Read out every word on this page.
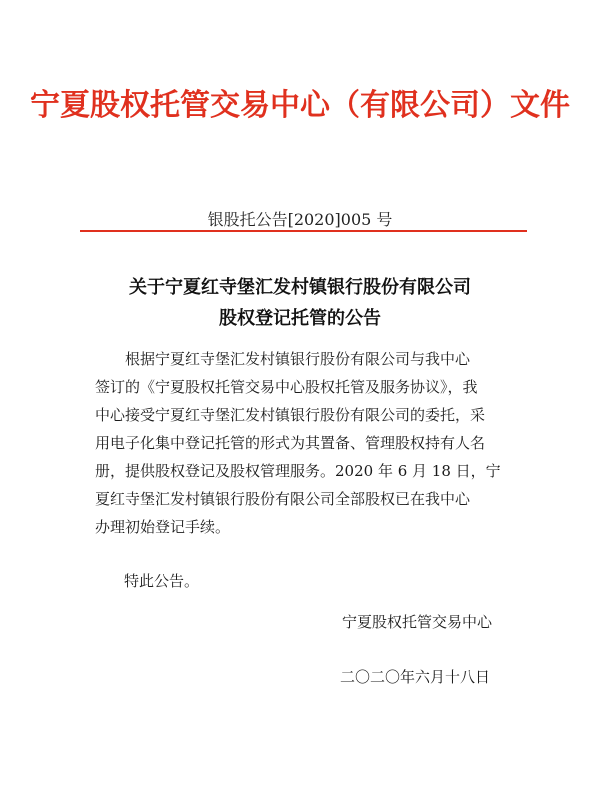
宁夏股权托管交易中心（有限公司）文件
银股托公告[2020]005 号
关于宁夏红寺堡汇发村镇银行股份有限公司
股权登记托管的公告
　　根据宁夏红寺堡汇发村镇银行股份有限公司与我中心
签订的《宁夏股权托管交易中心股权托管及服务协议》，我
中心接受宁夏红寺堡汇发村镇银行股份有限公司的委托，采
用电子化集中登记托管的形式为其置备、管理股权持有人名
册，提供股权登记及股权管理服务。2020 年 6 月 18 日，宁
夏红寺堡汇发村镇银行股份有限公司全部股权已在我中心
办理初始登记手续。
特此公告。
宁夏股权托管交易中心
二〇二〇年六月十八日
